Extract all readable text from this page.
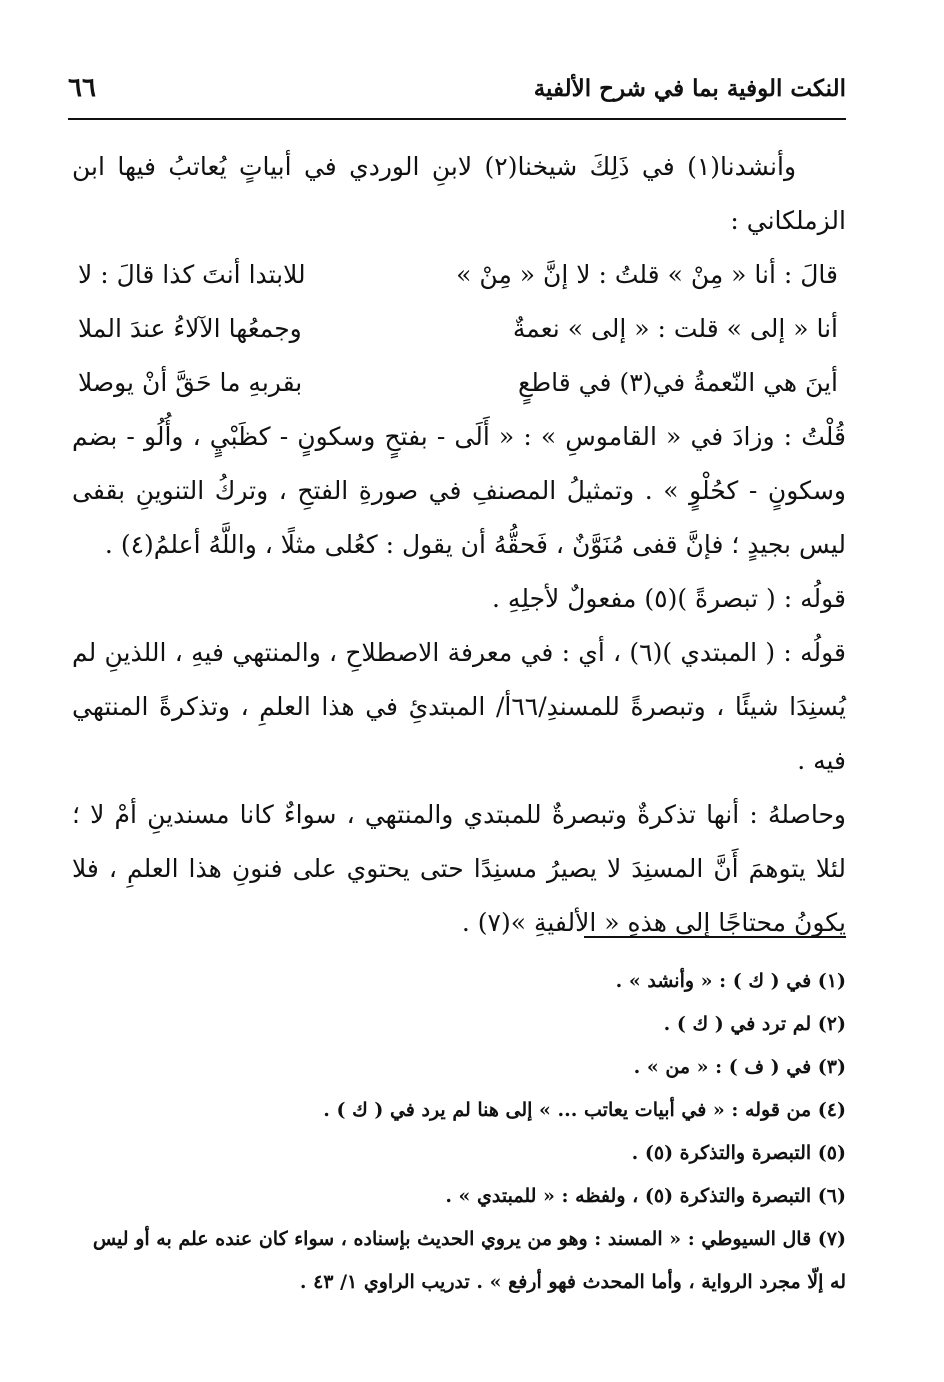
النكت الوفية بما في شرح الألفية
٦٦

وأنشدنا(١) في ذَلِكَ شيخنا(٢) لابنِ الوردي في أبياتٍ يُعاتبُ فيها ابن الزملكاني :

قالَ : أنا « مِنْ » قلتُ : لا إنَّ « مِنْ »
للابتدا أنتَ كذا قالَ : لا
أنا « إلى » قلت : « إلى » نعمةٌ
وجمعُها الآلاءُ عندَ الملا
أينَ هي النّعمةُ في(٣) في قاطعٍ
بقربهِ ما حَقَّ أنْ يوصلا

قُلْتُ : وزادَ في « القاموسِ » : « أَلَى - بفتحٍ وسكونٍ - كظَبْيٍ ، وأُلُو - بضم وسكونٍ - كحُلْوٍ » . وتمثيلُ المصنفِ في صورةِ الفتحِ ، وتركُ التنوينِ بقفى ليس بجيدٍ ؛ فإنَّ قفى مُنَوَّنٌ ، فَحقُّهُ أن يقول : كعُلى مثلًا ، واللَّهُ أعلمُ(٤) .

قولُه : ( تبصرةً )(٥) مفعولٌ لأجلِهِ .

قولُه : ( المبتدي )(٦) ، أي : في معرفة الاصطلاحِ ، والمنتهي فيهِ ، اللذينِ لم يُسنِدَا شيئًا ، وتبصرةً للمسندِ/٦٦أ/ المبتدئِ في هذا العلمِ ، وتذكرةً المنتهي فيه .

وحاصلهُ : أنها تذكرةٌ وتبصرةٌ للمبتدي والمنتهي ، سواءٌ كانا مسندينِ أمْ لا ؛ لئلا يتوهمَ أَنَّ المسنِدَ لا يصيرُ مسنِدًا حتى يحتوي على فنونِ هذا العلمِ ، فلا يكونُ محتاجًا إلى هذهِ « الألفيةِ »(٧) .

(١) في ( ك ) : « وأنشد » .

(٢) لم ترد في ( ك ) .

(٣) في ( ف ) : « من » .

(٤) من قوله : « في أبيات يعاتب ... » إلى هنا لم يرد في ( ك ) .

(٥) التبصرة والتذكرة (٥) .

(٦) التبصرة والتذكرة (٥) ، ولفظه : « للمبتدي » .

(٧) قال السيوطي : « المسند : وهو من يروي الحديث بإسناده ، سواء كان عنده علم به أو ليس له إلّا مجرد الرواية ، وأما المحدث فهو أرفع » . تدريب الراوي ١/ ٤٣ .
